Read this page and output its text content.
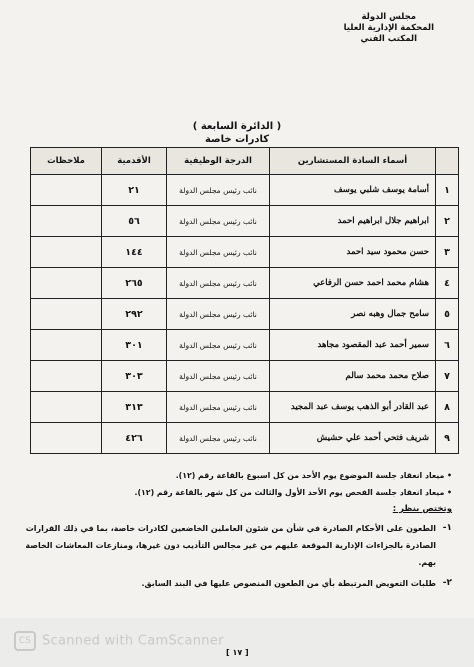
مجلس الدولة
المحكمة الإدارية العليا
المكتب الفني
( الدائرة السابعة )
كادرات خاصة
	أسماء السادة المستشارين	الدرجة الوظيفية	الأقدمية	ملاحظات
١	أسامة يوسف شلبي يوسف	نائب رئيس مجلس الدولة	٢١	
٢	ابراهيم جلال ابراهيم احمد	نائب رئيس مجلس الدولة	٥٦	
٣	حسن محمود سيد احمد	نائب رئيس مجلس الدولة	١٤٤	
٤	هشام محمد احمد حسن الرفاعي	نائب رئيس مجلس الدولة	٢٦٥	
٥	سامح جمال وهبه نصر	نائب رئيس مجلس الدولة	٢٩٢	
٦	سمير أحمد عبد المقصود مجاهد	نائب رئيس مجلس الدولة	٣٠١	
٧	صلاح محمد محمد سالم	نائب رئيس مجلس الدولة	٣٠٣	
٨	عبد القادر أبو الذهب يوسف عبد المجيد	نائب رئيس مجلس الدولة	٣١٣	
٩	شريف فتحي أحمد علي حشيش	نائب رئيس مجلس الدولة	٤٢٦	
• ميعاد انعقاد جلسة الموضوع يوم الأحد من كل اسبوع بالقاعة رقم (١٢).
• ميعاد انعقاد جلسة الفحص يوم الأحد الأول والثالث من كل شهر بالقاعة رقم (١٢).
وتختص بنظر :
١-
الطعون على الأحكام الصادرة في شأن من شئون العاملين الخاضعين لكادرات خاصة، بما في ذلك القرارات الصادرة بالجزاءات الإدارية الموقعة عليهم من غير مجالس التأديب دون غيرها، ومنازعات المعاشات الخاصة بهم.
٢-
طلبات التعويض المرتبطة بأي من الطعون المنصوص عليها في البند السابق.
CS Scanned with CamScanner
[ ١٧ ]
